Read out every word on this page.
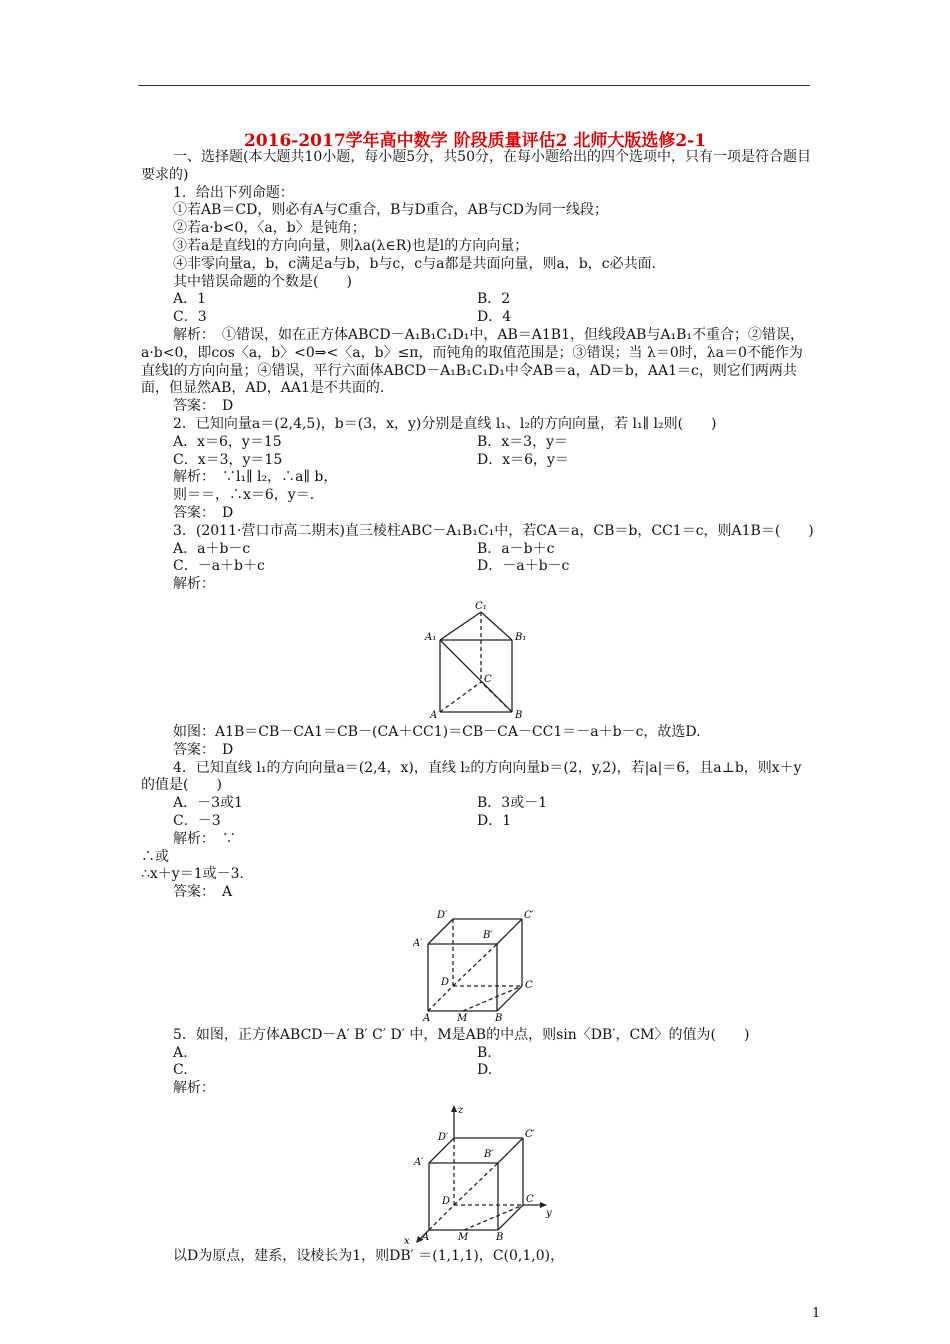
2016-2017学年高中数学 阶段质量评估2 北师大版选修2-1
一、选择题(本大题共10小题，每小题5分，共50分，在每小题给出的四个选项中，只有一项是符合题目要求的)
1．给出下列命题：
①若AB＝CD，则必有A与C重合，B与D重合，AB与CD为同一线段；
②若a·b<0，〈a，b〉是钝角；
③若a是直线l的方向向量，则λa(λ∈R)也是l的方向向量；
④非零向量a，b，c满足a与b，b与c，c与a都是共面向量，则a，b，c必共面．
其中错误命题的个数是(　　)
A．1	B．2
C．3	D．4
解析：　①错误，如在正方体ABCD－A₁B₁C₁D₁中，AB＝A1B1，但线段AB与A₁B₁不重合；②错误，a·b<0，即cos〈a，b〉<0⇒<〈a，b〉≤π，而钝角的取值范围是；③错误；当 λ＝0时，λa＝0不能作为直线l的方向向量；④错误，平行六面体ABCD－A₁B₁C₁D₁中令AB＝a，AD＝b，AA1＝c，则它们两两共面，但显然AB，AD，AA1是不共面的．
答案：　D
2．已知向量a＝(2,4,5)，b＝(3，x，y)分别是直线 l₁、l₂的方向向量，若 l₁∥ l₂则(　　)
A．x＝6，y＝15	B．x＝3，y＝
C．x＝3，y＝15	D．x＝6，y＝
解析：　∵l₁∥ l₂，∴a∥ b，
则＝＝，∴x＝6，y＝．
答案：　D
3．(2011·营口市高二期末)直三棱柱ABC－A₁B₁C₁中，若CA＝a，CB＝b，CC1＝c，则A1B＝(　　)
A．a＋b－c	B．a－b＋c
C．－a＋b＋c	D．－a＋b－c
解析：
C₁
A₁	B₁
C
A	B
如图：A1B＝CB－CA1＝CB－(CA＋CC1)＝CB－CA－CC1＝－a＋b－c，故选D.
答案：　D
4．已知直线 l₁的方向向量a＝(2,4，x)，直线 l₂的方向向量b＝(2，y,2)，若|a|＝6，且a⊥b，则x＋y的值是(　　)
A．－3或1	B．3或－1
C．－3	D．1
解析：　∵
∴或
∴x＋y＝1或－3.
答案：　A
D′	C′
A′
B′
D	C
A	M	B
5．如图，正方体ABCD－A′ B′ C′ D′ 中，M是AB的中点，则sin〈DB′，CM〉的值为(　　)
A.	B.
C.	D.
解析：
z
D′	C′
A′
B′
D	C
y
A	M	B
x
以D为原点，建系，设棱长为1，则DB′ ＝(1,1,1)，C(0,1,0)，
1
